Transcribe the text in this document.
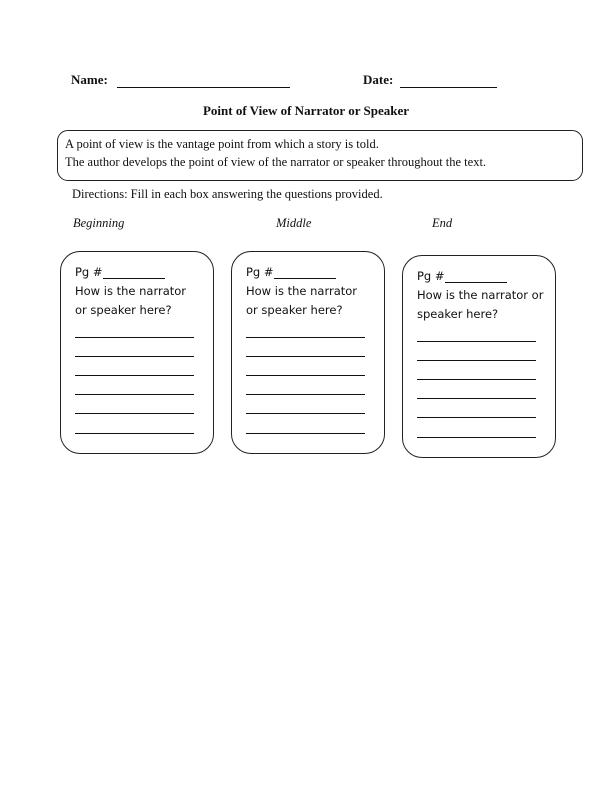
Name:	Date:
Point of View of Narrator or Speaker
A point of view is the vantage point from which a story is told.
The author develops the point of view of the narrator or speaker throughout the text.
Directions: Fill in each box answering the questions provided.
Beginning	Middle	End
Pg #
How is the narrator
or speaker here?
Pg #
How is the narrator
or speaker here?
Pg #
How is the narrator or
speaker here?
